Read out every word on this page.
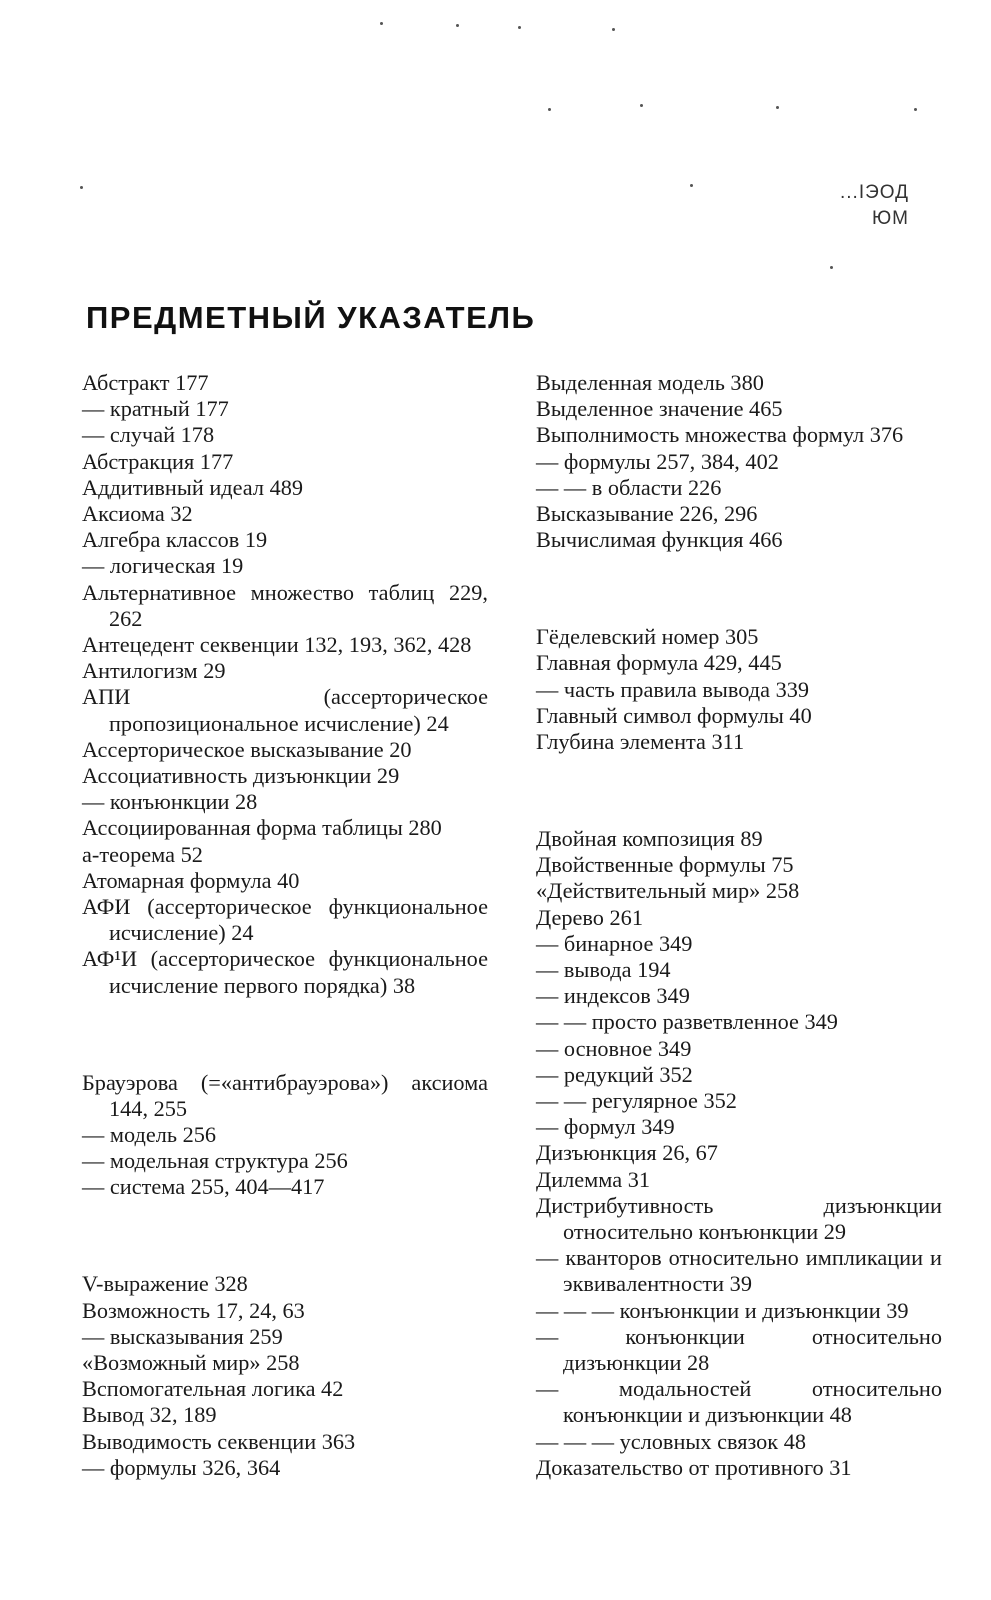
...ІЭОД
ЮМ
ПРЕДМЕТНЫЙ УКАЗАТЕЛЬ

Абстракт 177

— кратный 177

— случай 178

Абстракция 177

Аддитивный идеал 489

Аксиома 32

Алгебра классов 19

— логическая 19

Альтернативное множество таблиц 229, 262

Антецедент секвенции 132, 193, 362, 428

Антилогизм 29

АПИ (ассерторическое пропозициональное исчисление) 24

Ассерторическое высказывание 20

Ассоциативность дизъюнкции 29

— конъюнкции 28

Ассоциированная форма таблицы 280

a-теорема 52

Атомарная формула 40

АФИ (ассерторическое функциональное исчисление) 24

АФ¹И (ассерторическое функциональное исчисление первого порядка) 38

Брауэрова (=«антибрауэрова») аксиома 144, 255

— модель 256

— модельная структура 256

— система 255, 404—417

V-выражение 328

Возможность 17, 24, 63

— высказывания 259

«Возможный мир» 258

Вспомогательная логика 42

Вывод 32, 189

Выводимость секвенции 363

— формулы 326, 364

Выделенная модель 380

Выделенное значение 465

Выполнимость множества формул 376

— формулы 257, 384, 402

— — в области 226

Высказывание 226, 296

Вычислимая функция 466

Гёделевский номер 305

Главная формула 429, 445

— часть правила вывода 339

Главный символ формулы 40

Глубина элемента 311

Двойная композиция 89

Двойственные формулы 75

«Действительный мир» 258

Дерево 261

— бинарное 349

— вывода 194

— индексов 349

— — просто разветвленное 349

— основное 349

— редукций 352

— — регулярное 352

— формул 349

Дизъюнкция 26, 67

Дилемма 31

Дистрибутивность дизъюнкции относительно конъюнкции 29

— кванторов относительно импликации и эквивалентности 39

— — — конъюнкции и дизъюнкции 39

— конъюнкции относительно дизъюнкции 28

— модальностей относительно конъюнкции и дизъюнкции 48

— — — условных связок 48

Доказательство от противного 31
